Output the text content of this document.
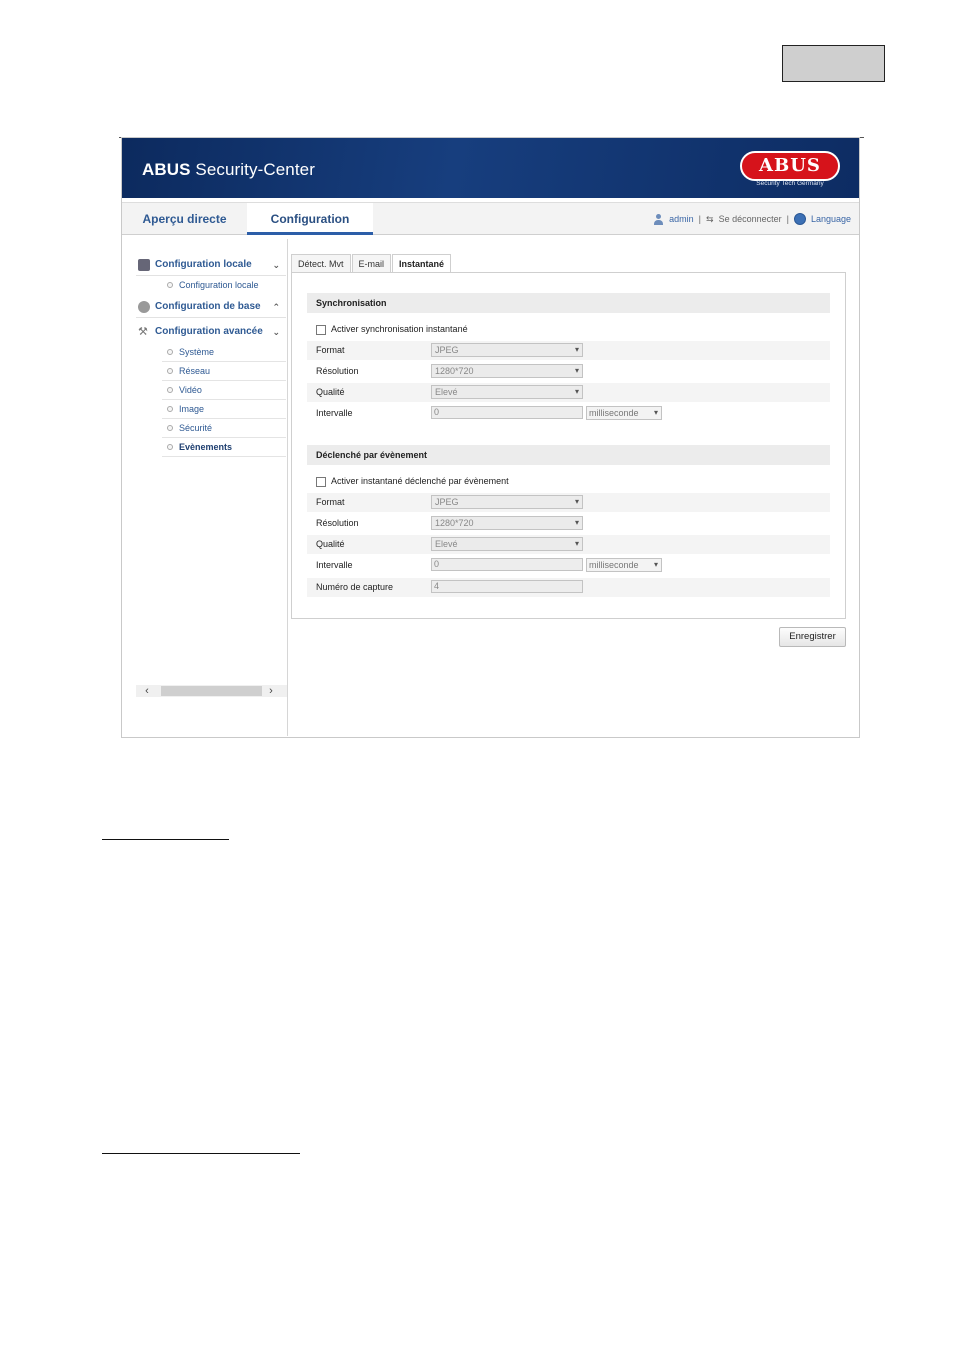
ABUS Security-Center	ABUS
Security Tech Germany
Aperçu directe	Configuration	admin | ⇆ Se déconnecter | Language
Configuration locale ⌄
Configuration locale
Configuration de base ⌃
⚒ Configuration avancée ⌄
Système
Réseau
Vidéo
Image
Sécurité
Evènements
‹	›
Détect. Mvt	E-mail	Instantané
Synchronisation
Activer synchronisation instantané
Format	JPEG	▾
Résolution	1280*720	▾
Qualité	Elevé	▾
Intervalle	0	milliseconde ▾
Déclenché par évènement
Activer instantané déclenché par évènement
Format	JPEG	▾
Résolution	1280*720	▾
Qualité	Elevé	▾
Intervalle	0	milliseconde ▾
Numéro de capture	4
Enregistrer
